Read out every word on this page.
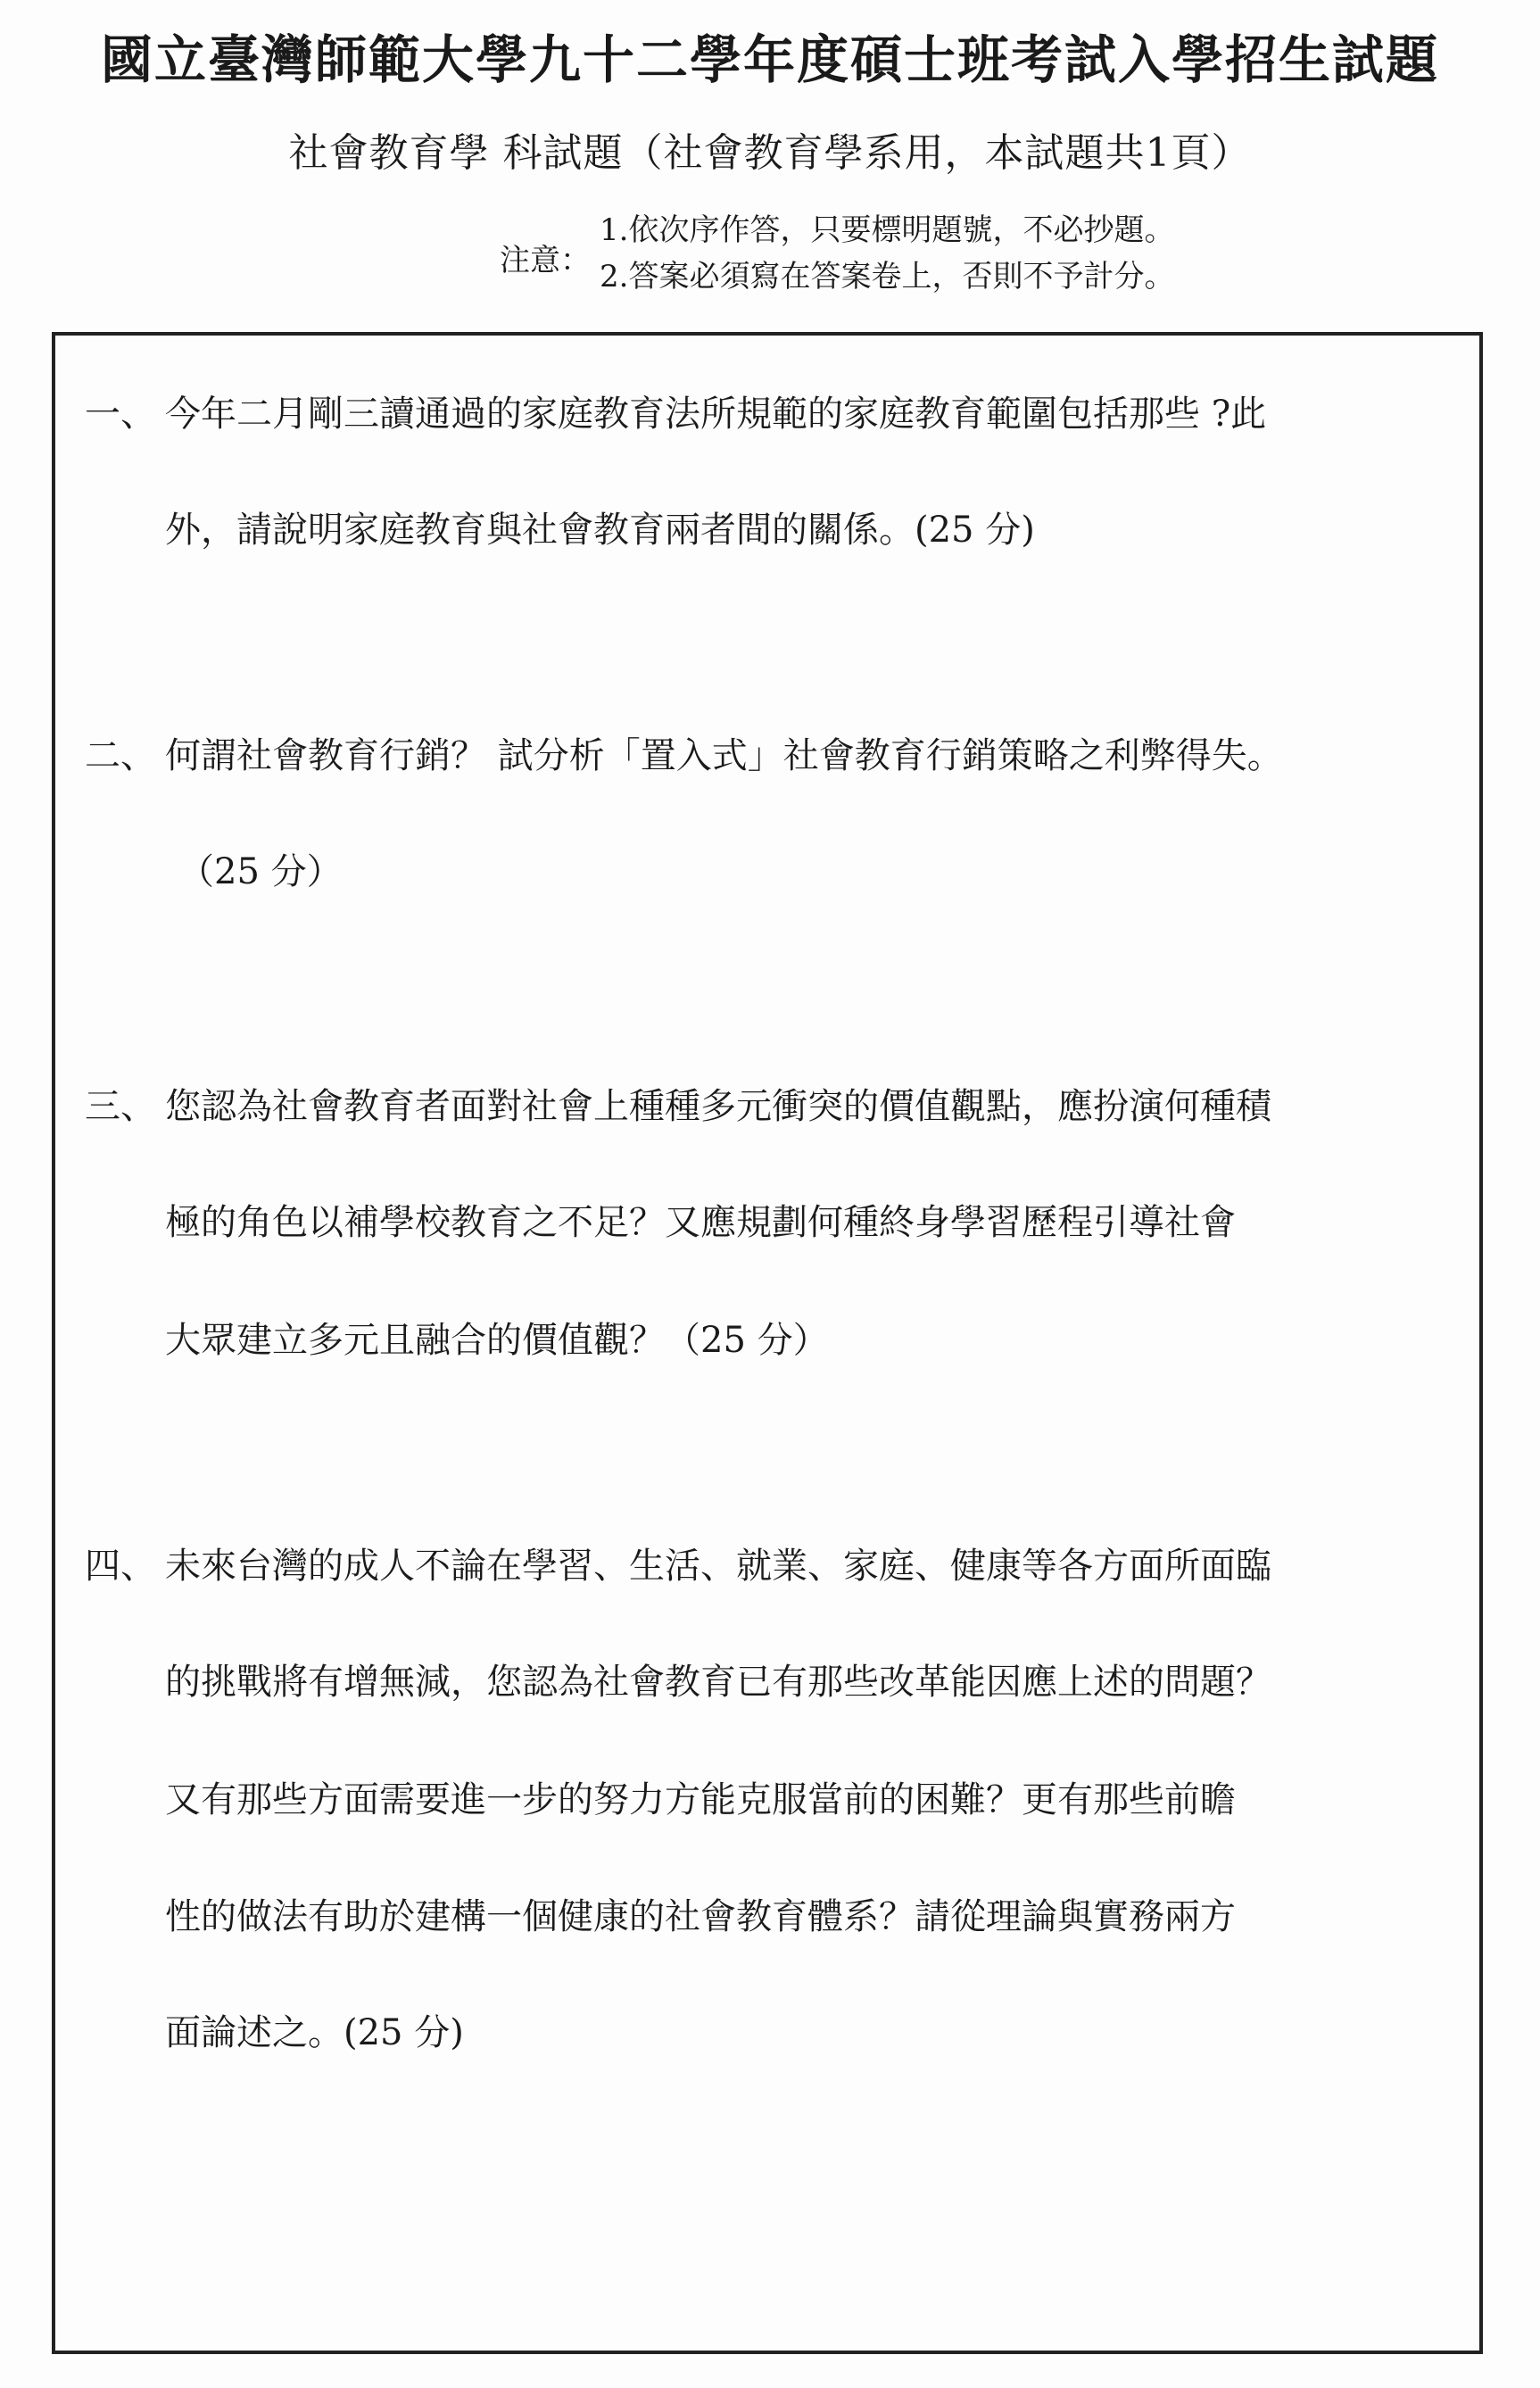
國立臺灣師範大學九十二學年度碩士班考試入學招生試題
社會教育學 科試題（社會教育學系用，本試題共1頁）
注意：
1.依次序作答，只要標明題號，不必抄題。
2.答案必須寫在答案卷上，否則不予計分。
一、 今年二月剛三讀通過的家庭教育法所規範的家庭教育範圍包括那些 ?此
外，請說明家庭教育與社會教育兩者間的關係。(25 分)
二、 何謂社會教育行銷？ 試分析「置入式」社會教育行銷策略之利弊得失。
（25 分）
三、 您認為社會教育者面對社會上種種多元衝突的價值觀點，應扮演何種積
極的角色以補學校教育之不足？又應規劃何種終身學習歷程引導社會
大眾建立多元且融合的價值觀？（25 分）
四、 未來台灣的成人不論在學習、生活、就業、家庭、健康等各方面所面臨
的挑戰將有增無減，您認為社會教育已有那些改革能因應上述的問題？
又有那些方面需要進一步的努力方能克服當前的困難？更有那些前瞻
性的做法有助於建構一個健康的社會教育體系？請從理論與實務兩方
面論述之。(25 分)
